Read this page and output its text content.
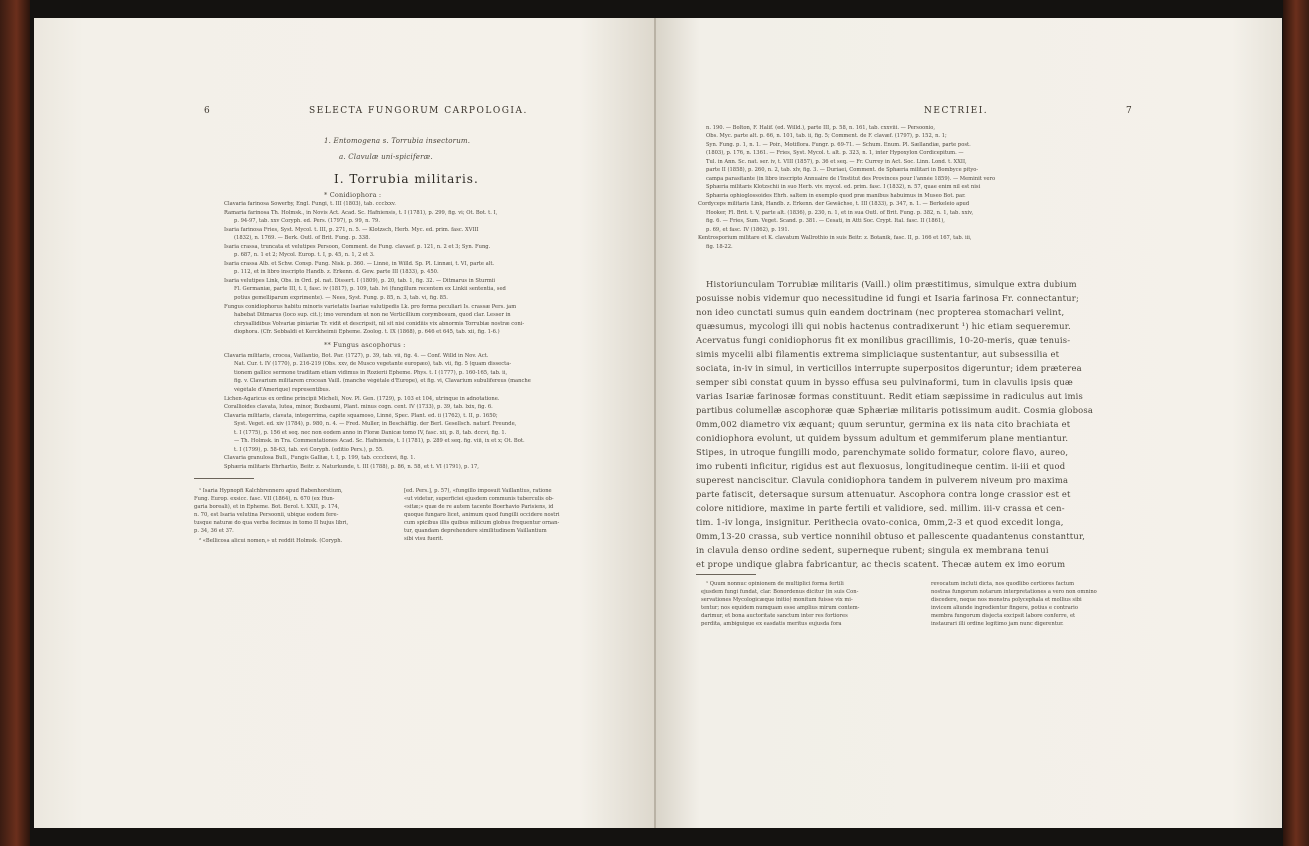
6	SELECTA FUNGORUM CARPOLOGIA.
1. Entomogena s. Torrubia insectorum.
a. Clavulæ uni-spiciferæ.
I. Torrubia militaris.
* Conidiophora :
Clavaria farinosa Sowerby, Engl. Fungi, t. III (1803), tab. ccclxxv.
Ramaria farinosa Th. Holmsk., in Novis Act. Acad. Sc. Hafniensis, t. I (1781), p. 299, fig. vi; Ot. Bot. t. I,
p. 94-97, tab. xxv Coryph. ed. Pers. (1797), p. 99, n. 79.
Isaria farinosa Fries, Syst. Mycol. t. III, p. 271, n. 5. — Klotzsch, Herb. Myc. ed. prim. fasc. XVIII
(1832), n. 1769. — Berk. Outl. of Brit. Fung. p. 338.
Isaria crassa, truncata et velutipes Persoon, Comment. de Fung. clavaef. p. 121, n. 2 et 3; Syn. Fung.
p. 687, n. 1 et 2; Mycol. Europ. t. I, p. 45, n. 1, 2 et 3.
Isaria crassa Alb. et Schw. Consp. Fung. Nisk. p. 360. — Linné, in Willd. Sp. Pl. Linnæi, t. VI, parte alt.
p. 112, et in libro inscripto Handb. z. Erkenn. d. Gew. parte III (1833), p. 450.
Isaria velutipes Link, Obs. in Ord. pl. nat. Dissert. I (1809), p. 20, tab. 1, fig. 32. — Ditmarus in Sturmii
Fl. Germaniæ, parte III, t. I, fasc. iv (1817), p. 109, tab. lvi (fungillum recentem ex Linkii sententia, sed
potius gemelliparum exprimente). — Nees, Syst. Fung. p. 85, n. 3, tab. vi, fig. 85.
Fungus conidiophorus habitu minoris varietatis Isariae valutipedis Lk. pro forma peculiari Is. crassæ Pers. jam
habebat Ditmarus (loco sup. cit.); imo verendum ut non ne Verticillium corymbosum, quod clar. Lesser in
chrysallidibus Volvariæ piniariæ Tr. vidit et descripsit, nil sit nisi conidiiis vix abnormis Torrubiæ nostræ coni-
diophora. (Cfr. Sebbaldi et Kerckheimii Epheme. Zoolog. t. IX (1868), p. 646 et 645, tab. xii, fig. 1-6.)
** Fungus ascophorus :
Clavaria militaris, crocea, Vaillantio, Bot. Par. (1727), p. 39, tab. vii, fig. 4. — Conf. Willd in Nov. Act.
Nat. Cur. t. IV (1770), p. 216-219 (Obs. xxv, de Musco vegetante europæo), tab. vii, fig. 5 (quam dissecta-
tionem gallice sermone traditam etiam vidimus in Rozierii Epheme. Phys. t. I (1777), p. 160-165, tab. ii,
fig. v. Clavarium militarem crocean Vaill. (manche végétale d'Europe), et fig. vi, Clavarium subulifereus (manche
végétale d'Amerique) representibus.
Lichen-Agaricus ex ordine principii Micheli, Nov. Pl. Gen. (1729), p. 103 et 104, utrinque in adnotatione.
Corallioides clavata, lutea, minor, Buxbaumi, Plant. minus cogn. cent. IV (1733), p. 39, tab. lxix, fig. 6.
Clavaria militaris, clavata, integerrima, capite squamoso, Linné, Spec. Plant. ed. ii (1762), t. II, p. 1650;
Syst. Veget. ed. xiv (1784), p. 980, n. 4. — Fred. Muller, in Beschäftig. der Berl. Gesellsch. naturf. Freunde,
t. I (1775), p. 156 et seq. nec non eodem anno in Floræ Danicæ tomo IV, fasc. xii, p. 8, tab. dccvi, fig. 1.
— Th. Holmsk. in Tra. Commentationes Acad. Sc. Hafniensis, t. I (1781), p. 289 et seq. fig. viii, ix et x; Ot. Bot.
t. I (1799), p. 58-63, tab. xvi Coryph. (editio Pers.), p. 55.
Clavaria granulosa Bull., Fungis Galliæ, t. I, p. 199, tab. cccclxxvi, fig. 1.
Sphæria militaris Ehrhartio, Beitr. z. Naturkunde, t. III (1788), p. 86, n. 58, et t. VI (1791), p. 17,
¹ Isaria Hypnopfi Kalchbrennero apud Rabenhorstium,
Fung. Europ. exsicc. fasc. VII (1864), n. 670 (ex Hun-
garia boreali), et in Epheme. Bot. Berol. t. XXII, p. 174,
n. 70, est Isaria velutina Persoonii, ubique eodem fere-
tusque naturæ do qua verba fecimus in tomo II hujus libri,
p. 34, 36 et 37.
² «Bellicosa alicui nomen,» ut reddit Holmsk. (Coryph.
[ed. Pers.], p. 57), «fungillo imposuit Vaillantius, ratione
«ut videtur, superficiei ejusdem communis tuberculis ob-
«sitæ;» quæ de re autem tacente Boerhavio Parisiens, id
quoque fungaro licet, animum quod fungilli occidere nostri
cum spicibus illis quibus milicum globus frequentur ornan-
tur, quandam deprehendere similitudinem Vaillantium
sibi visu fuerit.
NECTRIEI.	7
n. 190. — Bolton, F. Halif. (ed. Willd.), parte III, p. 58, n. 161, tab. cxxviii. — Persoonio,
Obs. Myc. parte alt. p. 66, n. 101, tab. ii, fig. 5; Comment. de F. clavæf. (1797), p. 152, n. 1;
Syn. Fung. p. 1, n. 1. — Poir., Motiflora. Fungr. p. 69-71. — Schum. Enum. Pl. Sællandiæ, parte post.
(1803), p. 176, n. 1361. — Fries, Syst. Mycol. t. alt. p. 323, n. 1, inter Hypoxylon Cordicepitum. —
Tul. in Ann. Sc. nat. ser. iv, t. VIII (1857), p. 36 et seq. — Fr. Currey in Act. Soc. Linn. Lond. t. XXII,
parte II (1858), p. 260, n. 2, tab. xlv, fig. 3. — Duriaei, Comment. de Sphæria militari in Bombyce pityo-
campa parasitante (in libro inscripto Annuaire de l'Institut des Provinces pour l'année 1859). — Meminit vero
Sphæria militaris Klotzschii in suo Herb. viv. mycol. ed. prim. fasc. I (1832), n. 57, quae enim nil est nisi
Sphæria ophioglossoides Ehrh. saltem in exemplo quod præ manibus habuimus in Museo Bot. par.
Cordyceps militaris Link, Handb. z. Erkenn. der Gewächse, t. III (1833), p. 347, n. 1. — Berkeleio apud
Hooker, Fl. Brit. t. V, parte alt. (1836), p. 230, n. 1, et in sua Outl. of Brit. Fung. p. 382, n. 1, tab. xxiv,
fig. 6. — Fries, Sum. Veget. Scand. p. 381. — Cesati, in Atti Soc. Crypt. Ital. fasc. II (1861),
p. 69, et fasc. IV (1862), p. 191.
Kentrosporium militare et K. clavatum Wallrothio in suis Beitr. z. Botanik, fasc. II, p. 166 et 167, tab. iii,
fig. 18-22.
Historiunculam Torrubiæ militaris (Vaill.) olim præstitimus, simulque extra dubium
posuisse nobis videmur quo necessitudine id fungi et Isaria farinosa Fr. connectantur;
non ideo cunctati sumus quin eandem doctrinam (nec propterea stomachari velint,
quæsumus, mycologi illi qui nobis hactenus contradixerunt ¹) hic etiam sequeremur.
Acervatus fungi conidiophorus fit ex monilibus gracillimis, 10-20-meris, quæ tenuis-
simis mycelii albi filamentis extrema simpliciaque sustentantur, aut subsessilia et
sociata, in-iv in simul, in verticillos interrupte superpositos digeruntur; idem præterea
semper sibi constat quum in bysso effusa seu pulvinaformi, tum in clavulis ipsis quæ
varias Isariæ farinosæ formas constituunt. Redit etiam sæpissime in radiculus aut imis
partibus columellæ ascophoræ quæ Sphæriæ militaris potissimum audit. Cosmia globosa
0mm,002 diametro vix æquant; quum seruntur, germina ex iis nata cito brachiata et
conidiophora evolunt, ut quidem byssum adultum et gemmiferum plane mentiantur.
Stipes, in utroque fungilli modo, parenchymate solido formatur, colore flavo, aureo,
imo rubenti inficitur, rigidus est aut flexuosus, longitudineque centim. ii-iii et quod
superest nanciscitur. Clavula conidiophora tandem in pulverem niveum pro maxima
parte fatiscit, detersaque sursum attenuatur. Ascophora contra longe crassior est et
colore nitidiore, maxime in parte fertili et validiore, sed. millim. iii-v crassa et cen-
tim. 1-iv longa, insignitur. Perithecia ovato-conica, 0mm,2-3 et quod excedit longa,
0mm,13-20 crassa, sub vertice nonnihil obtuso et pallescente quadantenus constanttur,
in clavula denso ordine sedent, superneque rubent; singula ex membrana tenui
et prope undique glabra fabricantur, ac thecis scatent. Thecæ autem ex imo eorum
¹ Quum nonnuc opinionem de multiplici forma fertili
ejusdem fungi fundat, clar. Bonordenus dicitur (in suis Con-
servationes Mycologicæque initio) monitum fuisse vix mi-
tentur; nos equidem numquam esse amplius mirum contem-
darimur, et bona auctoritate sanctum inter res fortiores
perdita, ambiguique ex easdatis meritus eujusda fora
revocatum incluti dicta, nos quodlibo certiores factum
nostras fungorum notarum interpretationes a vero non omnino
discedere, neque nos monstra polycephala et mollius sibi
invicem aliunde ingredientur fingere, potius e contrario
membra fungorum disjecta excipsit labore conferre, et
instaurari illi ordine legitimo jam nunc digerentur.
